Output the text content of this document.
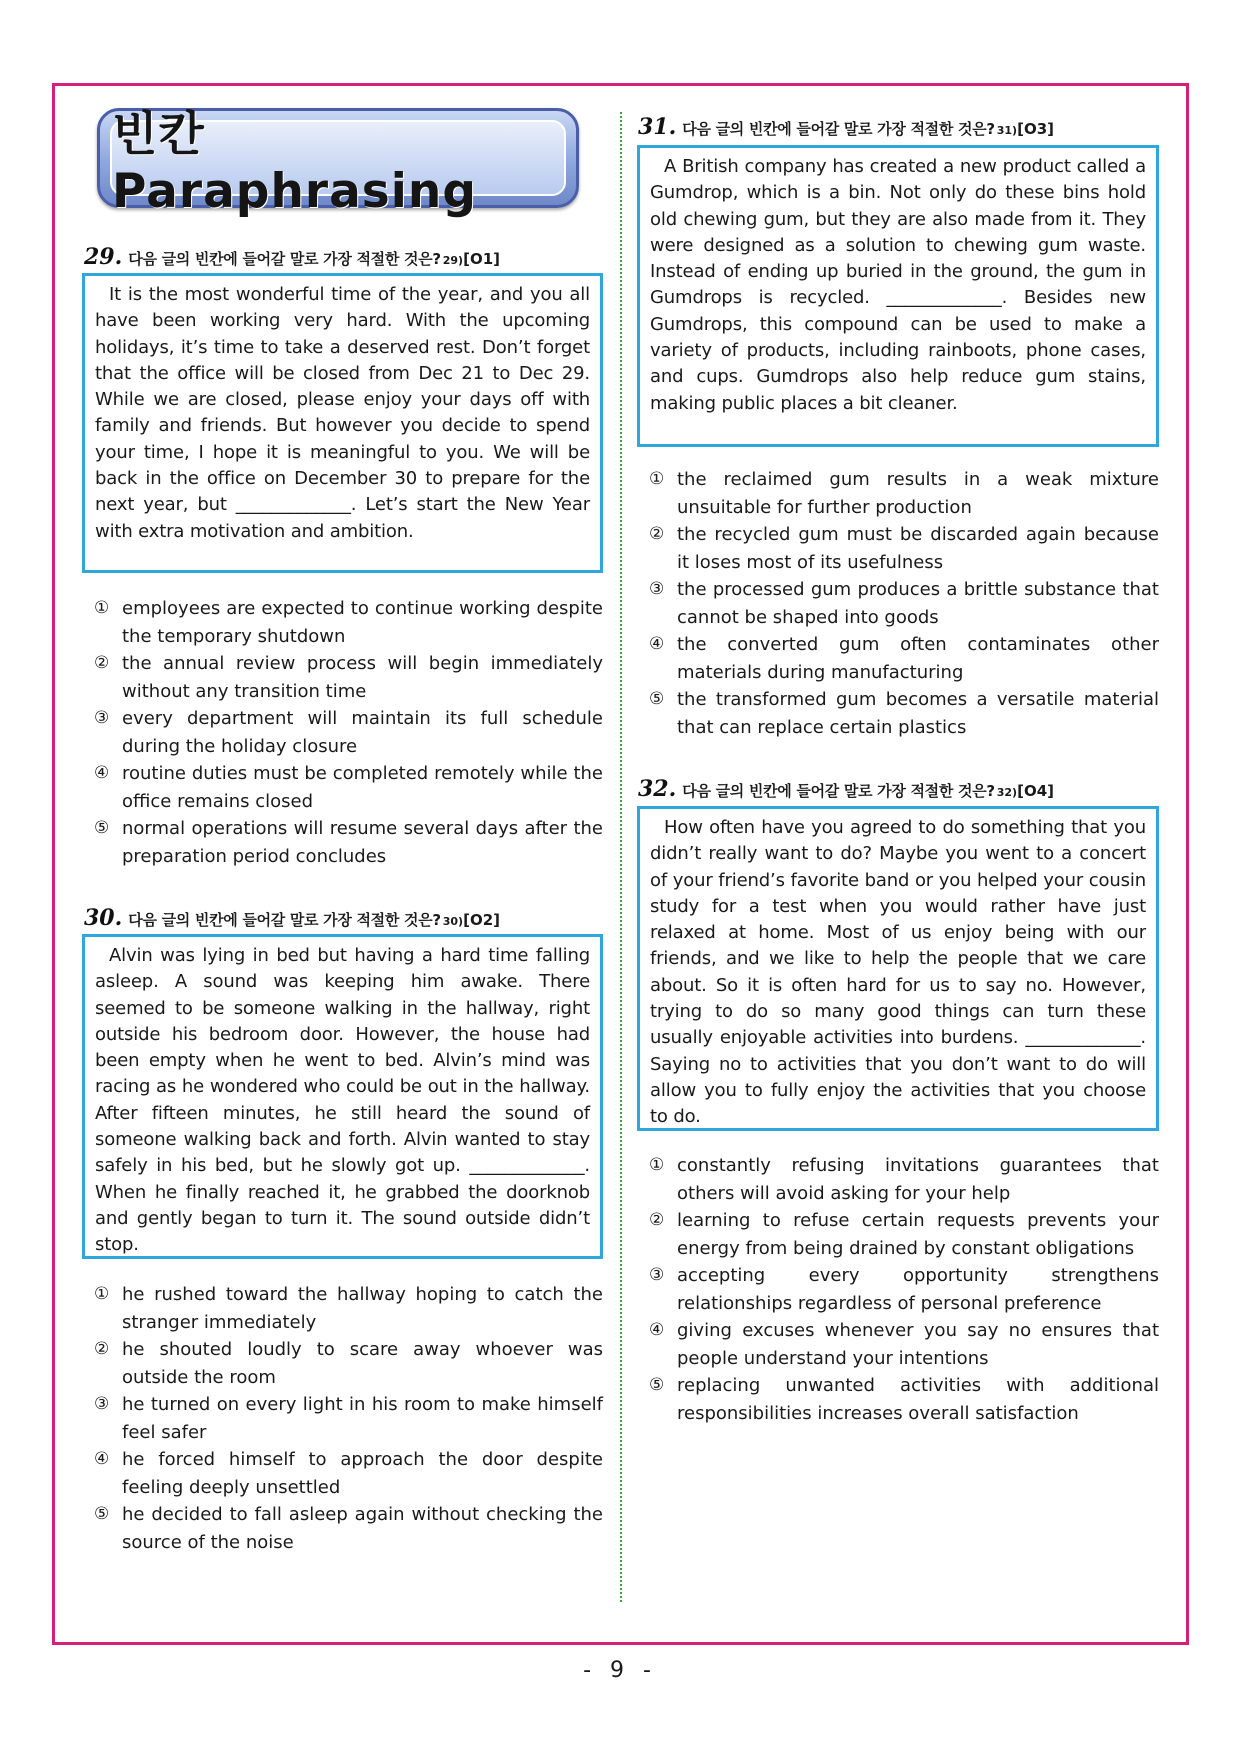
빈칸 Paraphrasing
29. 다음 글의 빈칸에 들어갈 말로 가장 적절한 것은? 29) [O1]
It is the most wonderful time of the year, and you all have been working very hard. With the upcoming holidays, it’s time to take a deserved rest. Don’t forget that the office will be closed from Dec 21 to Dec 29. While we are closed, please enjoy your days off with family and friends. But however you decide to spend your time, I hope it is meaningful to you. We will be back in the office on December 30 to prepare for the next year, but _____________. Let’s start the New Year with extra motivation and ambition.
① employees are expected to continue working despite the temporary shutdown
② the annual review process will begin immediately without any transition time
③ every department will maintain its full schedule during the holiday closure
④ routine duties must be completed remotely while the office remains closed
⑤ normal operations will resume several days after the preparation period concludes
30. 다음 글의 빈칸에 들어갈 말로 가장 적절한 것은? 30) [O2]
Alvin was lying in bed but having a hard time falling asleep. A sound was keeping him awake. There seemed to be someone walking in the hallway, right outside his bedroom door. However, the house had been empty when he went to bed. Alvin’s mind was racing as he wondered who could be out in the hallway. After fifteen minutes, he still heard the sound of someone walking back and forth. Alvin wanted to stay safely in his bed, but he slowly got up. _____________. When he finally reached it, he grabbed the doorknob and gently began to turn it. The sound outside didn’t stop.
① he rushed toward the hallway hoping to catch the stranger immediately
② he shouted loudly to scare away whoever was outside the room
③ he turned on every light in his room to make himself feel safer
④ he forced himself to approach the door despite feeling deeply unsettled
⑤ he decided to fall asleep again without checking the source of the noise
31. 다음 글의 빈칸에 들어갈 말로 가장 적절한 것은? 31) [O3]
A British company has created a new product called a Gumdrop, which is a bin. Not only do these bins hold old chewing gum, but they are also made from it. They were designed as a solution to chewing gum waste. Instead of ending up buried in the ground, the gum in Gumdrops is recycled. _____________. Besides new Gumdrops, this compound can be used to make a variety of products, including rainboots, phone cases, and cups. Gumdrops also help reduce gum stains, making public places a bit cleaner.
① the reclaimed gum results in a weak mixture unsuitable for further production
② the recycled gum must be discarded again because it loses most of its usefulness
③ the processed gum produces a brittle substance that cannot be shaped into goods
④ the converted gum often contaminates other materials during manufacturing
⑤ the transformed gum becomes a versatile material that can replace certain plastics
32. 다음 글의 빈칸에 들어갈 말로 가장 적절한 것은? 32) [O4]
How often have you agreed to do something that you didn’t really want to do? Maybe you went to a concert of your friend’s favorite band or you helped your cousin study for a test when you would rather have just relaxed at home. Most of us enjoy being with our friends, and we like to help the people that we care about. So it is often hard for us to say no. However, trying to do so many good things can turn these usually enjoyable activities into burdens. _____________. Saying no to activities that you don’t want to do will allow you to fully enjoy the activities that you choose to do.
① constantly refusing invitations guarantees that others will avoid asking for your help
② learning to refuse certain requests prevents your energy from being drained by constant obligations
③ accepting every opportunity strengthens relationships regardless of personal preference
④ giving excuses whenever you say no ensures that people understand your intentions
⑤ replacing unwanted activities with additional responsibilities increases overall satisfaction
- 9 -
